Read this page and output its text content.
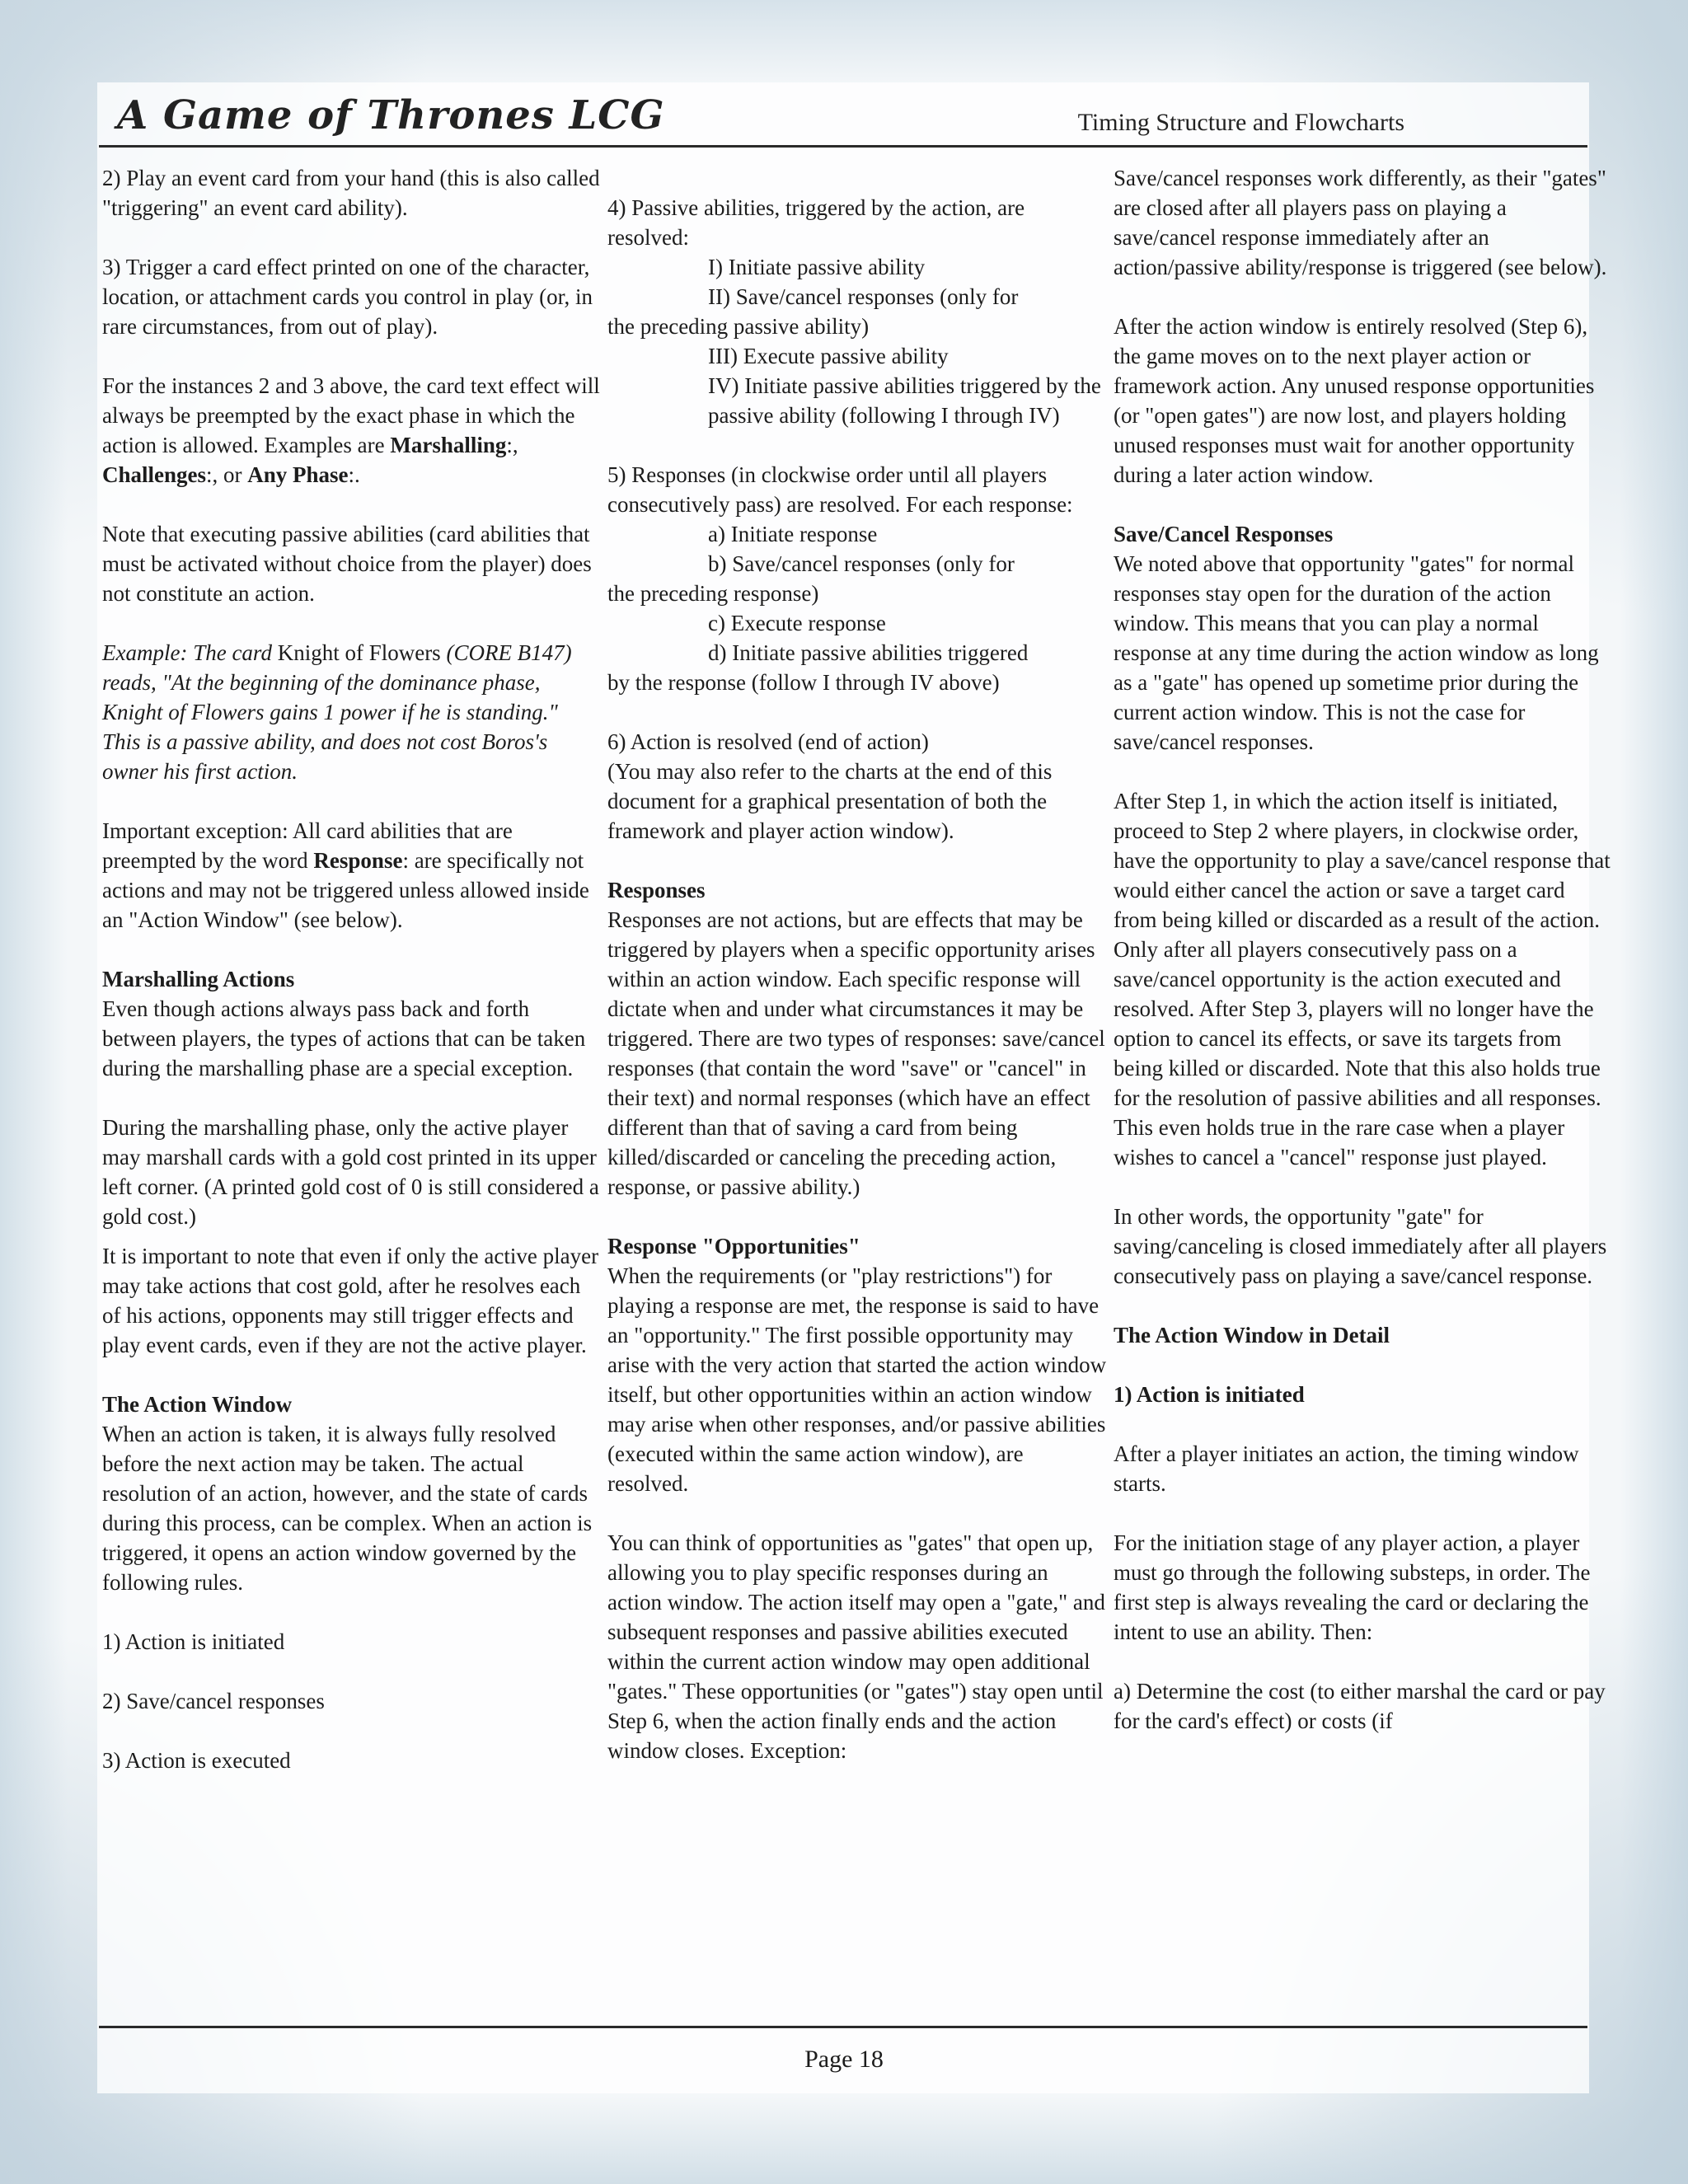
A Game of Thrones LCG	Timing Structure and Flowcharts

2) Play an event card from your hand (this is also called "triggering" an event card ability).

3) Trigger a card effect printed on one of the character, location, or attachment cards you control in play (or, in rare circumstances, from out of play).

For the instances 2 and 3 above, the card text effect will always be preempted by the exact phase in which the action is allowed. Examples are Marshalling:, Challenges:, or Any Phase:.

Note that executing passive abilities (card abilities that must be activated without choice from the player) does not constitute an action.

Example: The card Knight of Flowers (CORE B147) reads, "At the beginning of the dominance phase, Knight of Flowers gains 1 power if he is standing." This is a passive ability, and does not cost Boros's owner his first action.

Important exception: All card abilities that are preempted by the word Response: are specifically not actions and may not be triggered unless allowed inside an "Action Window" (see below).

Marshalling Actions
Even though actions always pass back and forth between players, the types of actions that can be taken during the marshalling phase are a special exception.

During the marshalling phase, only the active player may marshall cards with a gold cost printed in its upper left corner. (A printed gold cost of 0 is still considered a gold cost.)

It is important to note that even if only the active player may take actions that cost gold, after he resolves each of his actions, opponents may still trigger effects and play event cards, even if they are not the active player.

The Action Window
When an action is taken, it is always fully resolved before the next action may be taken. The actual resolution of an action, however, and the state of cards during this process, can be complex. When an action is triggered, it opens an action window governed by the following rules.

1) Action is initiated

2) Save/cancel responses

3) Action is executed

4) Passive abilities, triggered by the action, are resolved:
I) Initiate passive ability
II) Save/cancel responses (only for
the preceding passive ability)
III) Execute passive ability
IV) Initiate passive abilities triggered by the passive ability (following I through IV)

5) Responses (in clockwise order until all players consecutively pass) are resolved. For each response:
a) Initiate response
b) Save/cancel responses (only for
the preceding response)
c) Execute response
d) Initiate passive abilities triggered
by the response (follow I through IV above)

6) Action is resolved (end of action)
(You may also refer to the charts at the end of this document for a graphical presentation of both the framework and player action window).

Responses
Responses are not actions, but are effects that may be triggered by players when a specific opportunity arises within an action window. Each specific response will dictate when and under what circumstances it may be triggered. There are two types of responses: save/cancel responses (that contain the word "save" or "cancel" in their text) and normal responses (which have an effect different than that of saving a card from being killed/discarded or canceling the preceding action, response, or passive ability.)

Response "Opportunities"
When the requirements (or "play restrictions") for playing a response are met, the response is said to have an "opportunity." The first possible opportunity may arise with the very action that started the action window itself, but other opportunities within an action window may arise when other responses, and/or passive abilities (executed within the same action window), are resolved.

You can think of opportunities as "gates" that open up, allowing you to play specific responses during an action window. The action itself may open a "gate," and subsequent responses and passive abilities executed within the current action window may open additional "gates." These opportunities (or "gates") stay open until Step 6, when the action finally ends and the action window closes. Exception:

Save/cancel responses work differently, as their "gates" are closed after all players pass on playing a save/cancel response immediately after an action/passive ability/response is triggered (see below).

After the action window is entirely resolved (Step 6), the game moves on to the next player action or framework action. Any unused response opportunities (or "open gates") are now lost, and players holding unused responses must wait for another opportunity during a later action window.

Save/Cancel Responses
We noted above that opportunity "gates" for normal responses stay open for the duration of the action window. This means that you can play a normal response at any time during the action window as long as a "gate" has opened up sometime prior during the current action window. This is not the case for save/cancel responses.

After Step 1, in which the action itself is initiated, proceed to Step 2 where players, in clockwise order, have the opportunity to play a save/cancel response that would either cancel the action or save a target card from being killed or discarded as a result of the action. Only after all players consecutively pass on a save/cancel opportunity is the action executed and resolved. After Step 3, players will no longer have the option to cancel its effects, or save its targets from being killed or discarded. Note that this also holds true for the resolution of passive abilities and all responses. This even holds true in the rare case when a player wishes to cancel a "cancel" response just played.

In other words, the opportunity "gate" for saving/canceling is closed immediately after all players consecutively pass on playing a save/cancel response.

The Action Window in Detail

1) Action is initiated

After a player initiates an action, the timing window starts.

For the initiation stage of any player action, a player must go through the following substeps, in order. The first step is always revealing the card or declaring the intent to use an ability. Then:

a) Determine the cost (to either marshal the card or pay for the card's effect) or costs (if

Page 18
